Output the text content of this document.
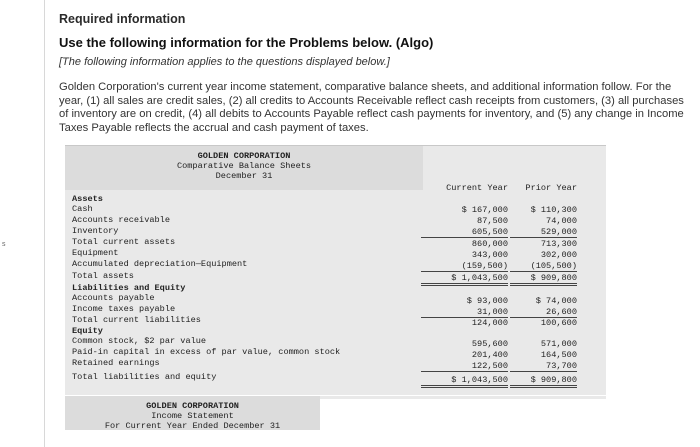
s
Required information
Use the following information for the Problems below. (Algo)
[The following information applies to the questions displayed below.]
Golden Corporation's current year income statement, comparative balance sheets, and additional information follow. For the year, (1) all sales are credit sales, (2) all credits to Accounts Receivable reflect cash receipts from customers, (3) all purchases of inventory are on credit, (4) all debits to Accounts Payable reflect cash payments for inventory, and (5) any change in Income Taxes Payable reflects the accrual and cash payment of taxes.
GOLDEN CORPORATION
Comparative Balance Sheets
December 31
Current Year	Prior Year
Assets
Cash	$ 167,000	$ 110,300
Accounts receivable	87,500	74,000
Inventory	605,500	529,000
Total current assets	860,000	713,300
Equipment	343,000	302,000
Accumulated depreciation—Equipment	(159,500)	(105,500)
Total assets	$ 1,043,500	$ 909,800
Liabilities and Equity
Accounts payable	$ 93,000	$ 74,000
Income taxes payable	31,000	26,600
Total current liabilities	124,000	100,600
Equity
Common stock, $2 par value	595,600	571,000
Paid-in capital in excess of par value, common stock	201,400	164,500
Retained earnings	122,500	73,700
Total liabilities and equity	$ 1,043,500	$ 909,800
GOLDEN CORPORATION
Income Statement
For Current Year Ended December 31
